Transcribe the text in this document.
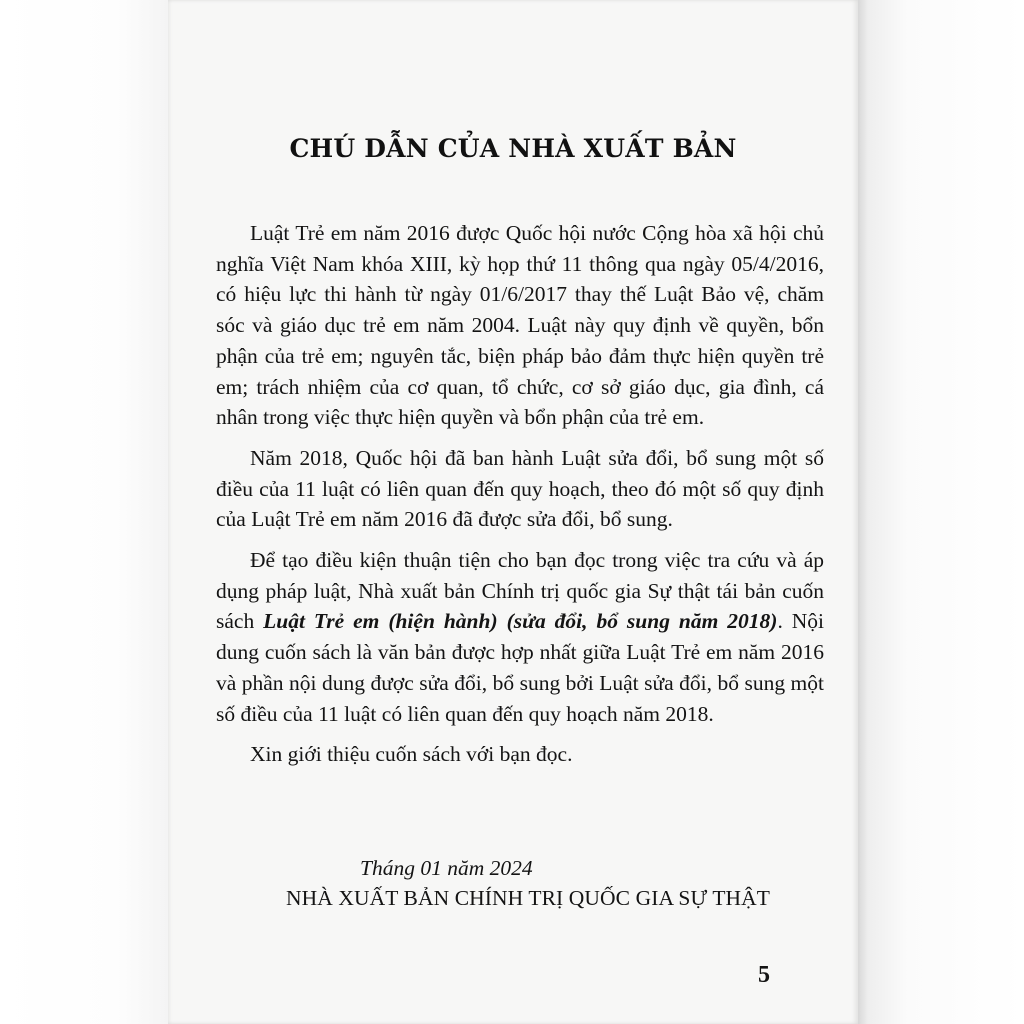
CHÚ DẪN CỦA NHÀ XUẤT BẢN

Luật Trẻ em năm 2016 được Quốc hội nước Cộng hòa xã hội chủ nghĩa Việt Nam khóa XIII, kỳ họp thứ 11 thông qua ngày 05/4/2016, có hiệu lực thi hành từ ngày 01/6/2017 thay thế Luật Bảo vệ, chăm sóc và giáo dục trẻ em năm 2004. Luật này quy định về quyền, bổn phận của trẻ em; nguyên tắc, biện pháp bảo đảm thực hiện quyền trẻ em; trách nhiệm của cơ quan, tổ chức, cơ sở giáo dục, gia đình, cá nhân trong việc thực hiện quyền và bổn phận của trẻ em.

Năm 2018, Quốc hội đã ban hành Luật sửa đổi, bổ sung một số điều của 11 luật có liên quan đến quy hoạch, theo đó một số quy định của Luật Trẻ em năm 2016 đã được sửa đổi, bổ sung.

Để tạo điều kiện thuận tiện cho bạn đọc trong việc tra cứu và áp dụng pháp luật, Nhà xuất bản Chính trị quốc gia Sự thật tái bản cuốn sách Luật Trẻ em (hiện hành) (sửa đổi, bổ sung năm 2018). Nội dung cuốn sách là văn bản được hợp nhất giữa Luật Trẻ em năm 2016 và phần nội dung được sửa đổi, bổ sung bởi Luật sửa đổi, bổ sung một số điều của 11 luật có liên quan đến quy hoạch năm 2018.

Xin giới thiệu cuốn sách với bạn đọc.

Tháng 01 năm 2024
NHÀ XUẤT BẢN CHÍNH TRỊ QUỐC GIA SỰ THẬT
5
